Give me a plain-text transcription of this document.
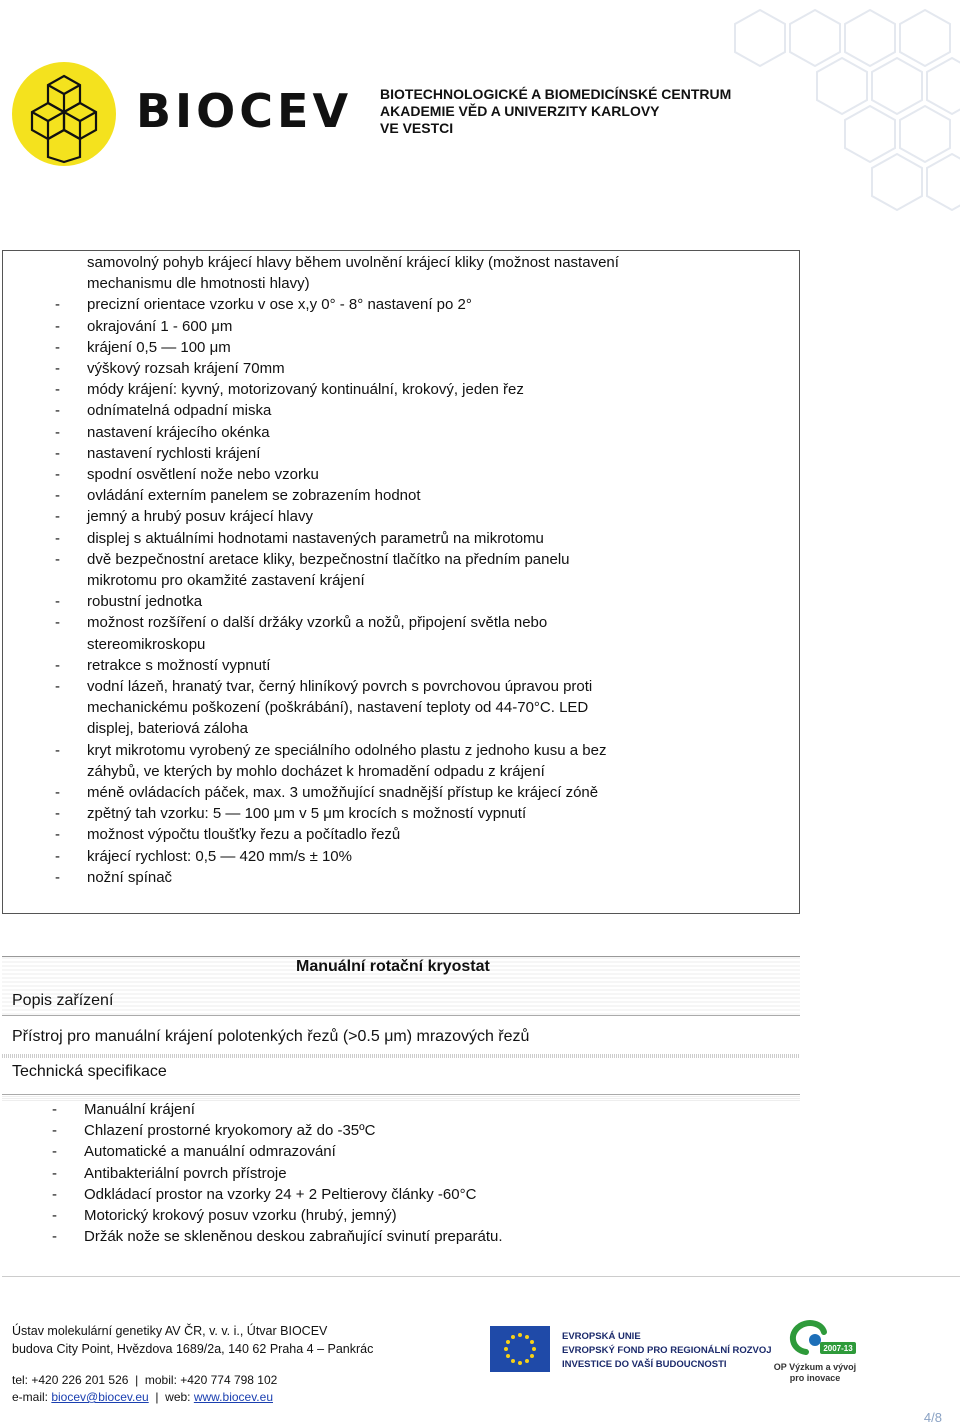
BIOCEV BIOTECHNOLOGICKÉ A BIOMEDICÍNSKÉ CENTRUM
AKADEMIE VĚD A UNIVERZITY KARLOVY
VE VESTCI
samovolný pohyb krájecí hlavy během uvolnění krájecí kliky (možnost nastavení
mechanismu dle hmotnosti hlavy)
- precizní orientace vzorku v ose x,y 0° - 8° nastavení po 2°
- okrajování 1 - 600 μm
- krájení 0,5 — 100 μm
- výškový rozsah krájení 70mm
- módy krájení: kyvný, motorizovaný kontinuální, krokový, jeden řez
- odnímatelná odpadní miska
- nastavení krájecího okénka
- nastavení rychlosti krájení
- spodní osvětlení nože nebo vzorku
- ovládání externím panelem se zobrazením hodnot
- jemný a hrubý posuv krájecí hlavy
- displej s aktuálními hodnotami nastavených parametrů na mikrotomu
- dvě bezpečnostní aretace kliky, bezpečnostní tlačítko na předním panelu
mikrotomu pro okamžité zastavení krájení
- robustní jednotka
- možnost rozšíření o další držáky vzorků a nožů, připojení světla nebo
stereomikroskopu
- retrakce s možností vypnutí
- vodní lázeň, hranatý tvar, černý hliníkový povrch s povrchovou úpravou proti
mechanickému poškození (poškrábání), nastavení teploty od 44-70°C. LED
displej, bateriová záloha
- kryt mikrotomu vyrobený ze speciálního odolného plastu z jednoho kusu a bez
záhybů, ve kterých by mohlo docházet k hromadění odpadu z krájení
- méně ovládacích páček, max. 3 umožňující snadnější přístup ke krájecí zóně
- zpětný tah vzorku: 5 — 100 μm v 5 μm krocích s možností vypnutí
- možnost výpočtu tloušťky řezu a počítadlo řezů
- krájecí rychlost: 0,5 — 420 mm/s ± 10%
- nožní spínač
Manuální rotační kryostat
Popis zařízení
Přístroj pro manuální krájení polotenkých řezů (>0.5 μm) mrazových řezů
Technická specifikace
- Manuální krájení
- Chlazení prostorné kryokomory až do -35ºC
- Automatické a manuální odmrazování
- Antibakteriální povrch přístroje
- Odkládací prostor na vzorky 24 + 2 Peltierovy články -60°C
- Motorický krokový posuv vzorku (hrubý, jemný)
- Držák nože se skleněnou deskou zabraňující svinutí preparátu.
Ústav molekulární genetiky AV ČR, v. v. i., Útvar BIOCEV
budova City Point, Hvězdova 1689/2a, 140 62 Praha 4 – Pankrác
tel: +420 226 201 526  |  mobil: +420 774 798 102
e-mail: biocev@biocev.eu  |  web: www.biocev.eu
EVROPSKÁ UNIE
EVROPSKÝ FOND PRO REGIONÁLNÍ ROZVOJ
INVESTICE DO VAŠÍ BUDOUCNOSTI
2007-13
OP Výzkum a vývoj
pro inovace
4/8
